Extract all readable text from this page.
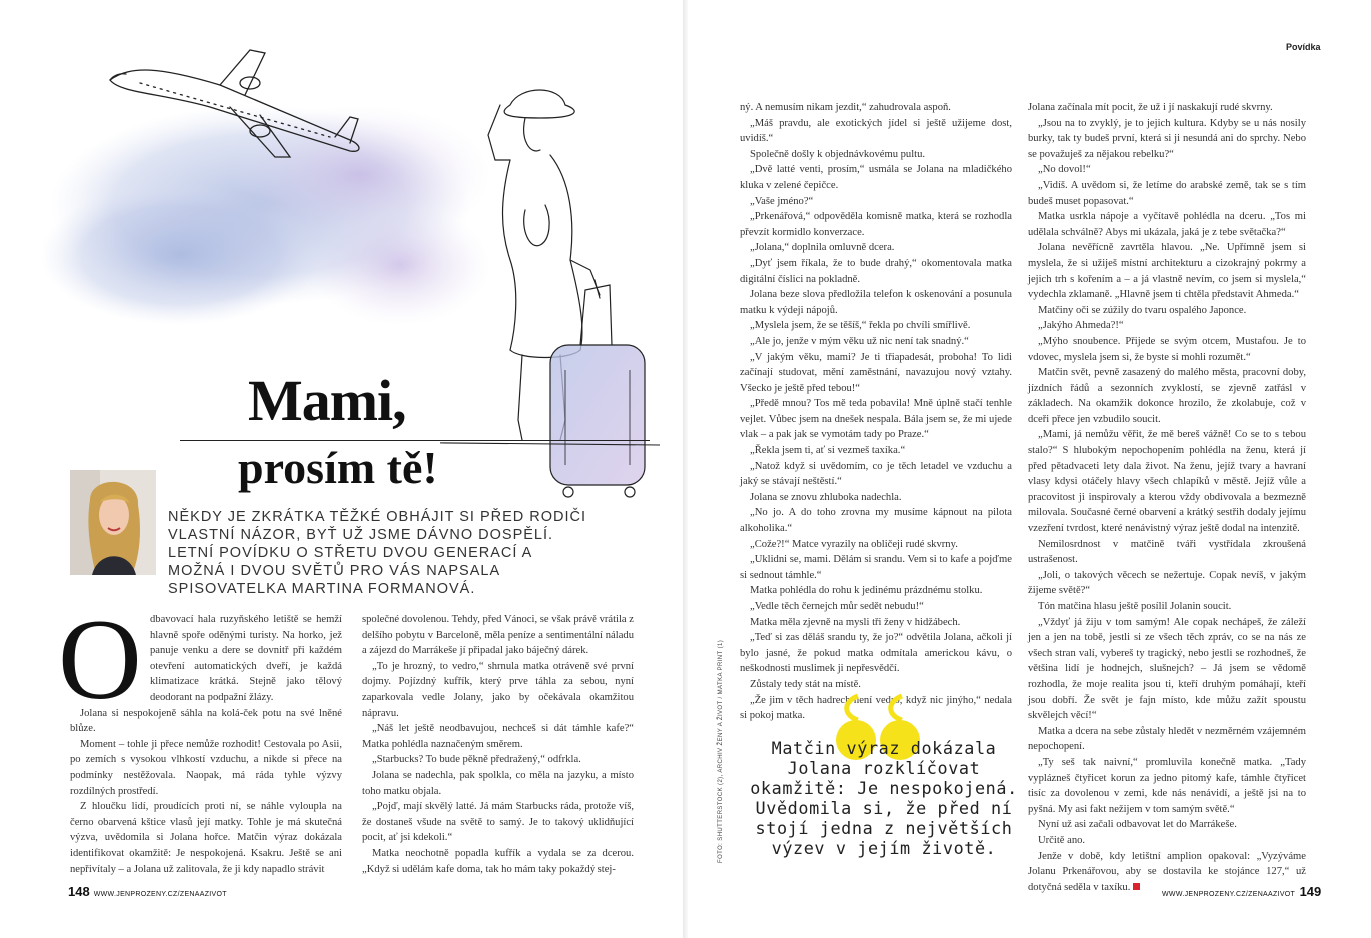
Mami,
prosím tě!

NĚKDY JE ZKRÁTKA TĚŽKÉ OBHÁJIT SI PŘED RODIČI VLASTNÍ NÁZOR, BYŤ UŽ JSME DÁVNO DOSPĚLÍ. LETNÍ POVÍDKU O STŘETU DVOU GENERACÍ A MOŽNÁ I DVOU SVĚTŮ PRO VÁS NAPSALA SPISOVATELKA MARTINA FORMANOVÁ.

O dbavovací hala ruzyňského letiště se hemží hlavně spoře oděnými turisty. Na horko, jež panuje venku a dere se dovnitř při každém otevření automatických dveří, je každá klimatizace krátká. Stejně jako tělový deodorant na podpažní žlázy.

Jolana si nespokojeně sáhla na kolá-ček potu na své lněné blůze.

Moment – tohle ji přece nemůže rozhodit! Cestovala po Asii, po zemích s vysokou vlhkostí vzduchu, a nikde si přece na podmínky nestěžovala. Naopak, má ráda tyhle výzvy rozdílných prostředí.

Z hloučku lidí, proudících proti ní, se náhle vyloupla na černo obarvená kštice vlasů její matky. Tohle je má skutečná výzva, uvědomila si Jolana hořce. Matčin výraz dokázala identifikovat okamžitě: Je nespokojená. Ksakru. Ještě se ani nepřivítaly – a Jolana už zalitovala, že ji kdy napadlo strávit

společné dovolenou. Tehdy, před Vánoci, se však právě vrátila z delšího pobytu v Barceloně, měla peníze a sentimentální náladu a zájezd do Marrákeše jí připadal jako báječný dárek.

„To je hrozný, to vedro,“ shrnula matka otráveně své první dojmy. Pojízdný kufřík, který prve táhla za sebou, nyní zaparkovala vedle Jolany, jako by očekávala okamžitou nápravu.

„Náš let ještě neodbavujou, nechceš si dát támhle kafe?“ Matka pohlédla naznačeným směrem.

„Starbucks? To bude pěkně předražený,“ odfrkla.

Jolana se nadechla, pak spolkla, co měla na jazyku, a místo toho matku objala.

„Pojď, mají skvělý latté. Já mám Starbucks ráda, protože víš, že dostaneš všude na světě to samý. Je to takový uklidňující pocit, ať jsi kdekoli.“

Matka neochotně popadla kufřík a vydala se za dcerou. „Když si udělám kafe doma, tak ho mám taky pokaždý stej-

148 WWW.JENPROZENY.CZ/ZENAAZIVOT
Povídka

ný. A nemusím nikam jezdit,“ zahudrovala aspoň.

„Máš pravdu, ale exotických jídel si ještě užijeme dost, uvidíš.“

Společně došly k objednávkovému pultu.

„Dvě latté venti, prosím,“ usmála se Jolana na mladičkého kluka v zelené čepičce.

„Vaše jméno?“

„Prkenářová,“ odpověděla komisně matka, která se rozhodla převzít kormidlo konverzace.

„Jolana,“ doplnila omluvně dcera.

„Dyť jsem říkala, že to bude drahý,“ okomentovala matka digitální číslici na pokladně.

Jolana beze slova předložila telefon k oskenování a posunula matku k výdeji nápojů.

„Myslela jsem, že se těšíš,“ řekla po chvíli smířlivě.

„Ale jo, jenže v mým věku už nic není tak snadný.“

„V jakým věku, mami? Je ti třiapadesát, proboha! To lidi začínají studovat, mění zaměstnání, navazujou nový vztahy. Všecko je ještě před tebou!“

„Předě mnou? Tos mě teda pobavila! Mně úplně stačí tenhle vejlet. Vůbec jsem na dnešek nespala. Bála jsem se, že mi ujede vlak – a pak jak se vymotám tady po Praze.“

„Řekla jsem ti, ať si vezmeš taxíka.“

„Natož když si uvědomím, co je těch letadel ve vzduchu a jaký se stávají neštěstí.“

Jolana se znovu zhluboka nadechla.

„No jo. A do toho zrovna my musíme kápnout na pilota alkoholika.“

„Cože?!“ Matce vyrazily na obličeji rudé skvrny.

„Uklidni se, mami. Dělám si srandu. Vem si to kafe a pojďme si sednout támhle.“

Matka pohlédla do rohu k jedinému prázdnému stolku.

„Vedle těch černejch můr sedět nebudu!“

Matka měla zjevně na mysli tři ženy v hidžábech.

„Teď si zas děláš srandu ty, že jo?“ odvětila Jolana, ačkoli jí bylo jasné, že pokud matka odmítala americkou kávu, o neškodnosti muslimek ji nepřesvědčí.

Zůstaly tedy stát na místě.

„Že jim v těch hadrech není vedro, když nic jinýho,“ nedala si pokoj matka.

FOTO: SHUTTERSTOCK (2), ARCHIV ŽENY A ŽIVOT / MATKA PRINT (1)	Matčin výraz dokázala Jolana rozklíčovat okamžitě: Je nespokojená. Uvědomila si, že před ní stojí jedna z největších výzev v jejím životě.

Jolana začínala mít pocit, že už i jí naskakují rudé skvrny.

„Jsou na to zvyklý, je to jejich kultura. Kdyby se u nás nosily burky, tak ty budeš první, která si ji nesundá ani do sprchy. Nebo se považuješ za nějakou rebelku?“

„No dovol!“

„Vidíš. A uvědom si, že letíme do arabské země, tak se s tím budeš muset popasovat.“

Matka usrkla nápoje a vyčítavě pohlédla na dceru. „Tos mi udělala schválně? Abys mi ukázala, jaká je z tebe světačka?“

Jolana nevěřícně zavrtěla hlavou. „Ne. Upřímně jsem si myslela, že si užiješ místní architekturu a cizokrajný pokrmy a jejich trh s kořením a – a já vlastně nevím, co jsem si myslela,“ vydechla zklamaně. „Hlavně jsem ti chtěla představit Ahmeda.“

Matčiny oči se zúžily do tvaru ospalého Japonce.

„Jakýho Ahmeda?!“

„Mýho snoubence. Přijede se svým otcem, Mustafou. Je to vdovec, myslela jsem si, že byste si mohli rozumět.“

Matčin svět, pevně zasazený do malého města, pracovní doby, jízdních řádů a sezonních zvyklostí, se zjevně zatřásl v základech. Na okamžik dokonce hrozilo, že zkolabuje, což v dceři přece jen vzbudilo soucit.

„Mami, já nemůžu věřit, že mě bereš vážně! Co se to s tebou stalo?“ S hlubokým nepochopením pohlédla na ženu, která jí před pětadvaceti lety dala život. Na ženu, jejíž tvary a havraní vlasy kdysi otáčely hlavy všech chlapíků v městě. Jejíž vůle a pracovitost ji inspirovaly a kterou vždy obdivovala a bezmezně milovala. Současné černé obarvení a krátký sestřih dodaly jejímu vzezření tvrdost, které nenávistný výraz ještě dodal na intenzitě.

Nemilosrdnost v matčině tváři vystřídala zkroušená ustrašenost.

„Joli, o takových věcech se nežertuje. Copak nevíš, v jakým žijeme světě?“

Tón matčina hlasu ještě posílil Jolanin soucit.

„Vždyť já žiju v tom samým! Ale copak nechápeš, že záleží jen a jen na tobě, jestli si ze všech těch zpráv, co se na nás ze všech stran valí, vybereš ty tragický, nebo jestli se rozhodneš, že většina lidí je hodnejch, slušnejch? – Já jsem se vědomě rozhodla, že moje realita jsou ti, kteří druhým pomáhají, kteří jsou dobří. Že svět je fajn místo, kde můžu zažít spoustu skvělejch věcí!“

Matka a dcera na sebe zůstaly hledět v nezměrném vzájemném nepochopení.

„Ty seš tak naivní,“ promluvila konečně matka. „Tady vyplázneš čtyřicet korun za jedno pitomý kafe, támhle čtyřicet tisíc za dovolenou v zemi, kde nás nenávidí, a ještě jsi na to pyšná. My asi fakt nežijem v tom samým světě.“

Nyní už asi začali odbavovat let do Marrákeše.

Určitě ano.

Jenže v době, kdy letištní amplion opakoval: „Vyzýváme Jolanu Prkenářovou, aby se dostavila ke stojánce 127,“ už dotyčná seděla v taxíku.

WWW.JENPROZENY.CZ/ZENAAZIVOT 149
